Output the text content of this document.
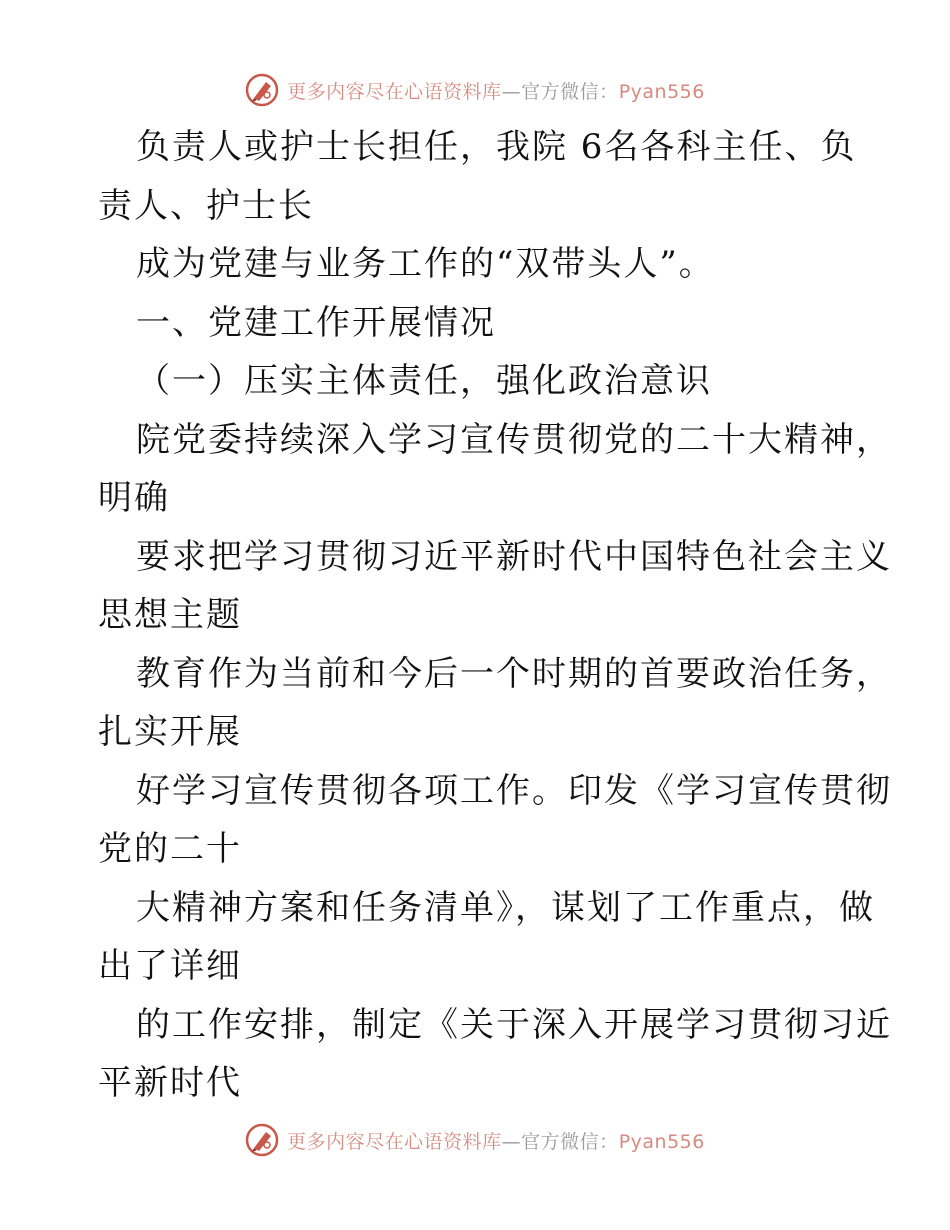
更多内容尽在心语资料库—官方微信：Pyan556
负责人或护士长担任，我院 6名各科主任、负
责人、护士长
成为党建与业务工作的“双带头人”。
一、党建工作开展情况
（一）压实主体责任，强化政治意识
院党委持续深入学习宣传贯彻党的二十大精神，
明确
要求把学习贯彻习近平新时代中国特色社会主义
思想主题
教育作为当前和今后一个时期的首要政治任务，
扎实开展
好学习宣传贯彻各项工作。印发《学习宣传贯彻
党的二十
大精神方案和任务清单》，谋划了工作重点，做
出了详细
的工作安排，制定《关于深入开展学习贯彻习近
平新时代
更多内容尽在心语资料库—官方微信：Pyan556
